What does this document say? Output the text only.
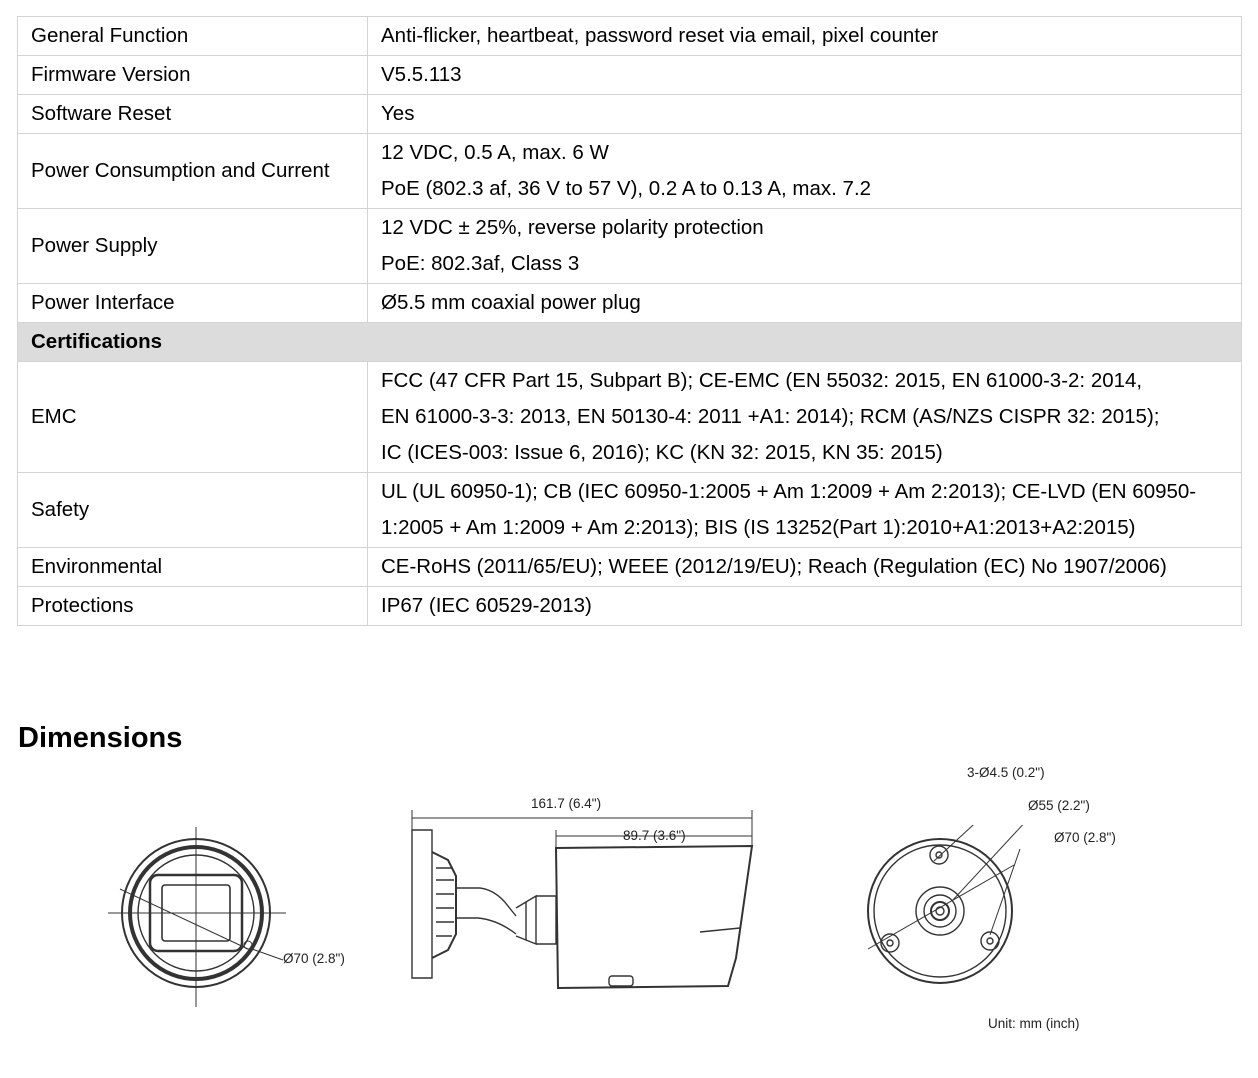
General Function	Anti-flicker, heartbeat, password reset via email, pixel counter

Firmware Version	V5.5.113

Software Reset	Yes

Power Consumption and Current	12 VDC, 0.5 A, max. 6 W
PoE (802.3 af, 36 V to 57 V), 0.2 A to 0.13 A, max. 7.2

Power Supply	12 VDC ± 25%, reverse polarity protection
PoE: 802.3af, Class 3

Power Interface	Ø5.5 mm coaxial power plug

Certifications	
EMC	FCC (47 CFR Part 15, Subpart B); CE-EMC (EN 55032: 2015, EN 61000-3-2: 2014,
EN 61000-3-3: 2013, EN 50130-4: 2011 +A1: 2014); RCM (AS/NZS CISPR 32: 2015);
IC (ICES-003: Issue 6, 2016); KC (KN 32: 2015, KN 35: 2015)

Safety	UL (UL 60950-1); CB (IEC 60950-1:2005 + Am 1:2009 + Am 2:2013); CE-LVD (EN 60950-
1:2005 + Am 1:2009 + Am 2:2013); BIS (IS 13252(Part 1):2010+A1:2013+A2:2015)

Environmental	CE-RoHS (2011/65/EU); WEEE (2012/19/EU); Reach (Regulation (EC) No 1907/2006)

Protections	IP67 (IEC 60529-2013)
Dimensions
Ø70 (2.8")
161.7 (6.4")
89.7 (3.6")
3-Ø4.5 (0.2")
Ø55 (2.2")
Ø70 (2.8")
Unit: mm (inch)
